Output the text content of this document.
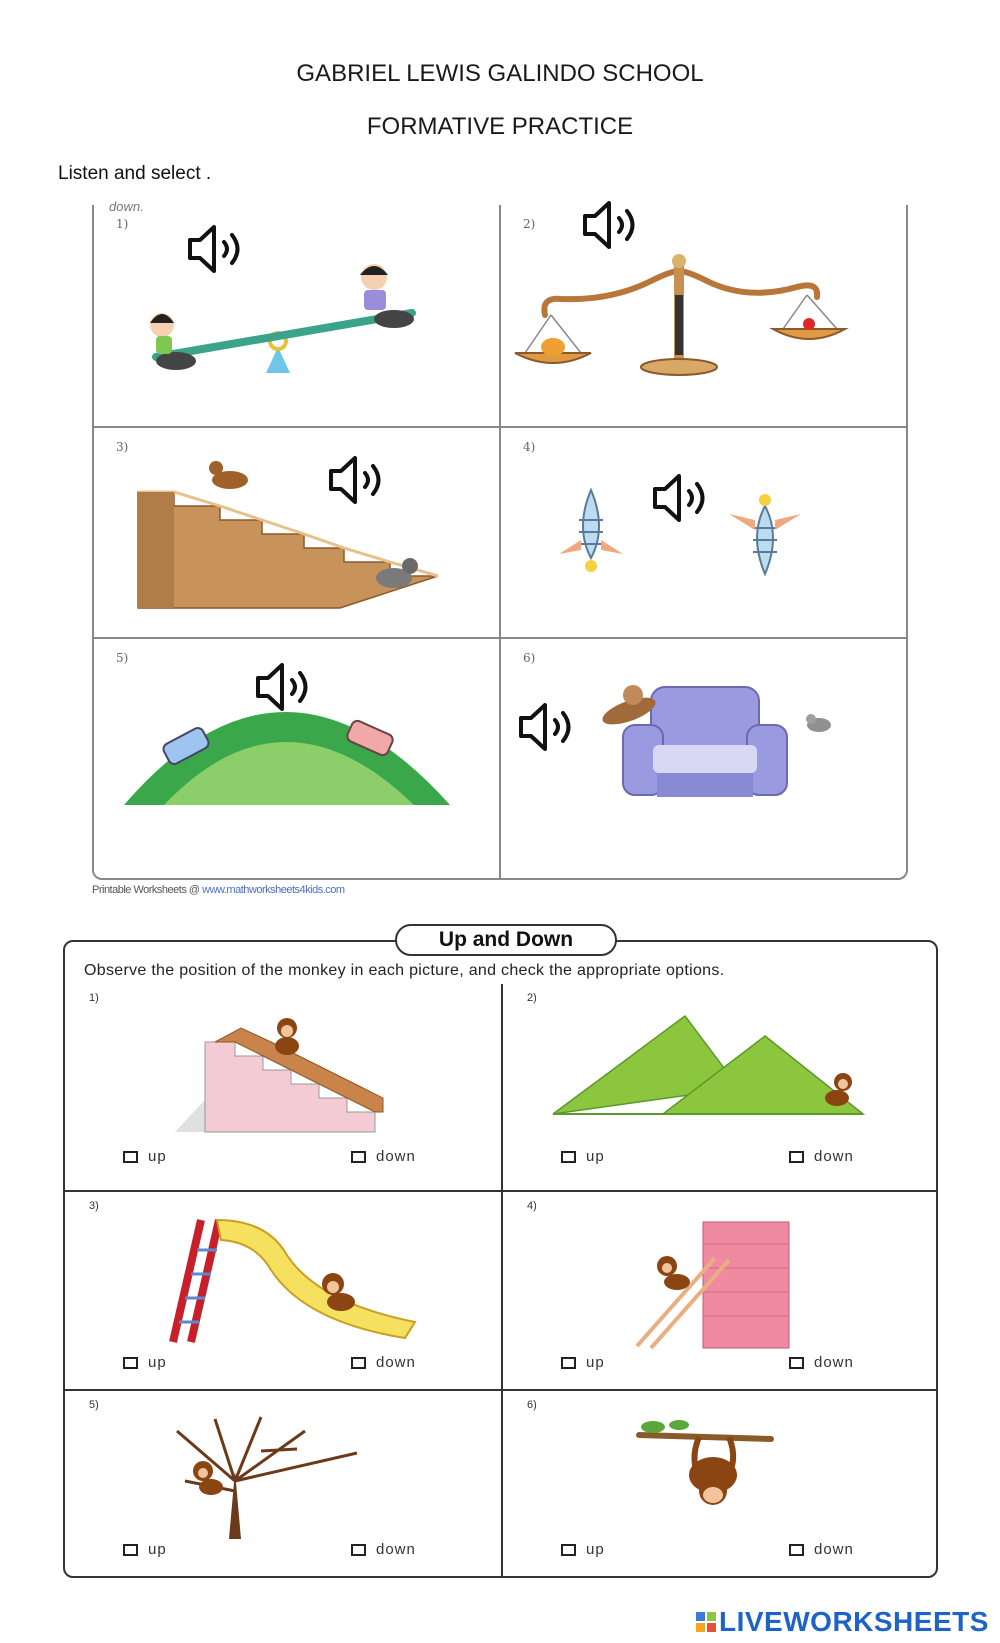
GABRIEL LEWIS GALINDO SCHOOL
FORMATIVE PRACTICE
Listen and select .
down.
1)	2)
3)	4)
5)	6)
Printable Worksheets @ www.mathworksheets4kids.com
Up and Down
Observe the position of the monkey in each picture, and check the appropriate options.
1)
up	down
2)
up	down
3)
up	down
4)
up	down
5)
up	down
6)
up	down
LIVEWORKSHEETS
